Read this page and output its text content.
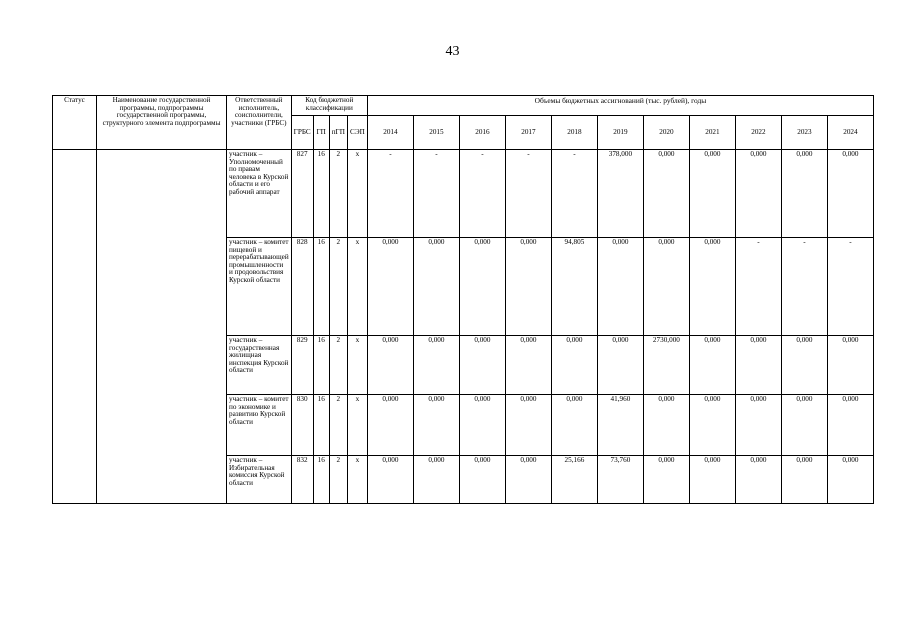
43
Статус	Наименование государственной программы, подпрограммы государственной программы, структурного элемента подпрограммы	Ответственный исполнитель, соисполнители, участники (ГРБС)	Код бюджетной классификации				Объемы бюджетных ассигнований (тыс. рублей), годы										
			ГРБС	ГП	пГП	СЭП	2014	2015	2016	2017	2018	2019	2020	2021	2022	2023	2024
		участник – Уполномоченный по правам человека в Курской области и его рабочий аппарат	827	16	2	х	-	-	-	-	-	378,000	0,000	0,000	0,000	0,000	0,000
		участник – комитет пищевой и перерабатывающей промышленности и продовольствия Курской области	828	16	2	х	0,000	0,000	0,000	0,000	94,805	0,000	0,000	0,000	-	-	-
		участник – государственная жилищная инспекция Курской области	829	16	2	х	0,000	0,000	0,000	0,000	0,000	0,000	2730,000	0,000	0,000	0,000	0,000
		участник – комитет по экономике и развитию Курской области	830	16	2	х	0,000	0,000	0,000	0,000	0,000	41,960	0,000	0,000	0,000	0,000	0,000
		участник – Избирательная комиссия Курской области	832	16	2	х	0,000	0,000	0,000	0,000	25,166	73,760	0,000	0,000	0,000	0,000	0,000
